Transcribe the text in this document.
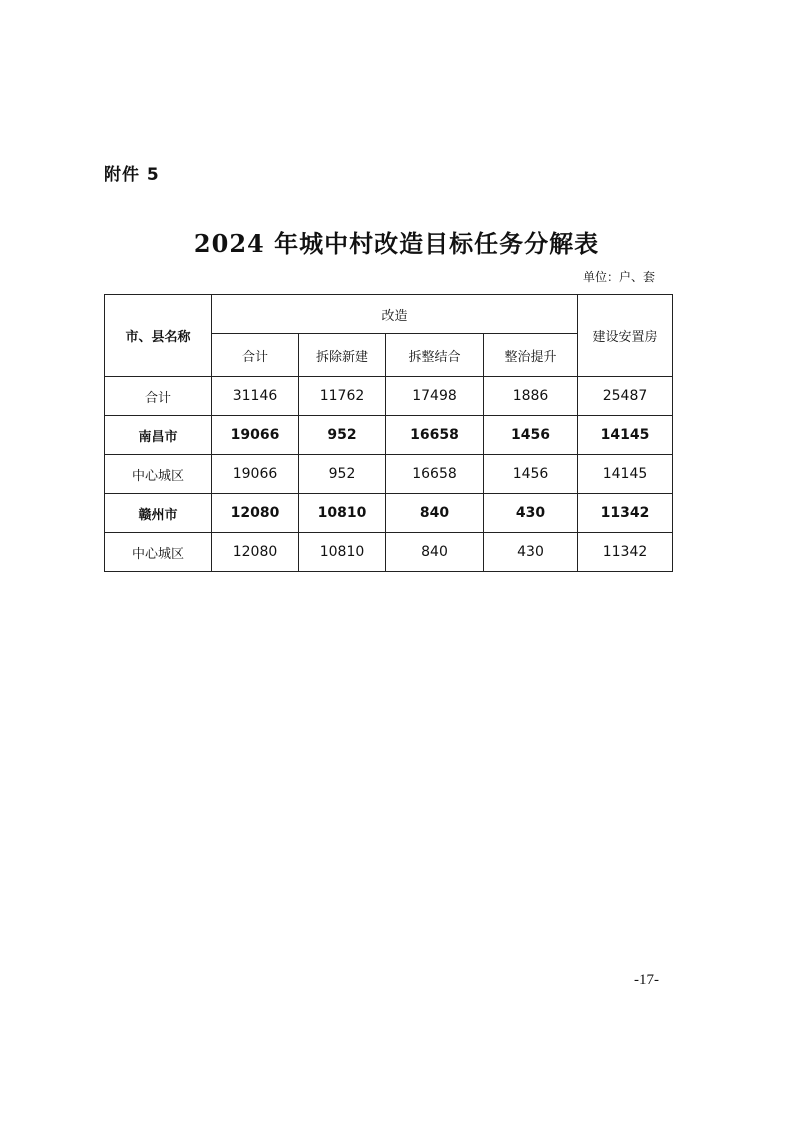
附件 5
2024 年城中村改造目标任务分解表
单位：户、套
市、县名称	改造				建设安置房
	合计	拆除新建	拆整结合	整治提升	
合计	31146	11762	17498	1886	25487
南昌市	19066	952	16658	1456	14145
中心城区	19066	952	16658	1456	14145
赣州市	12080	10810	840	430	11342
中心城区	12080	10810	840	430	11342
-17-
